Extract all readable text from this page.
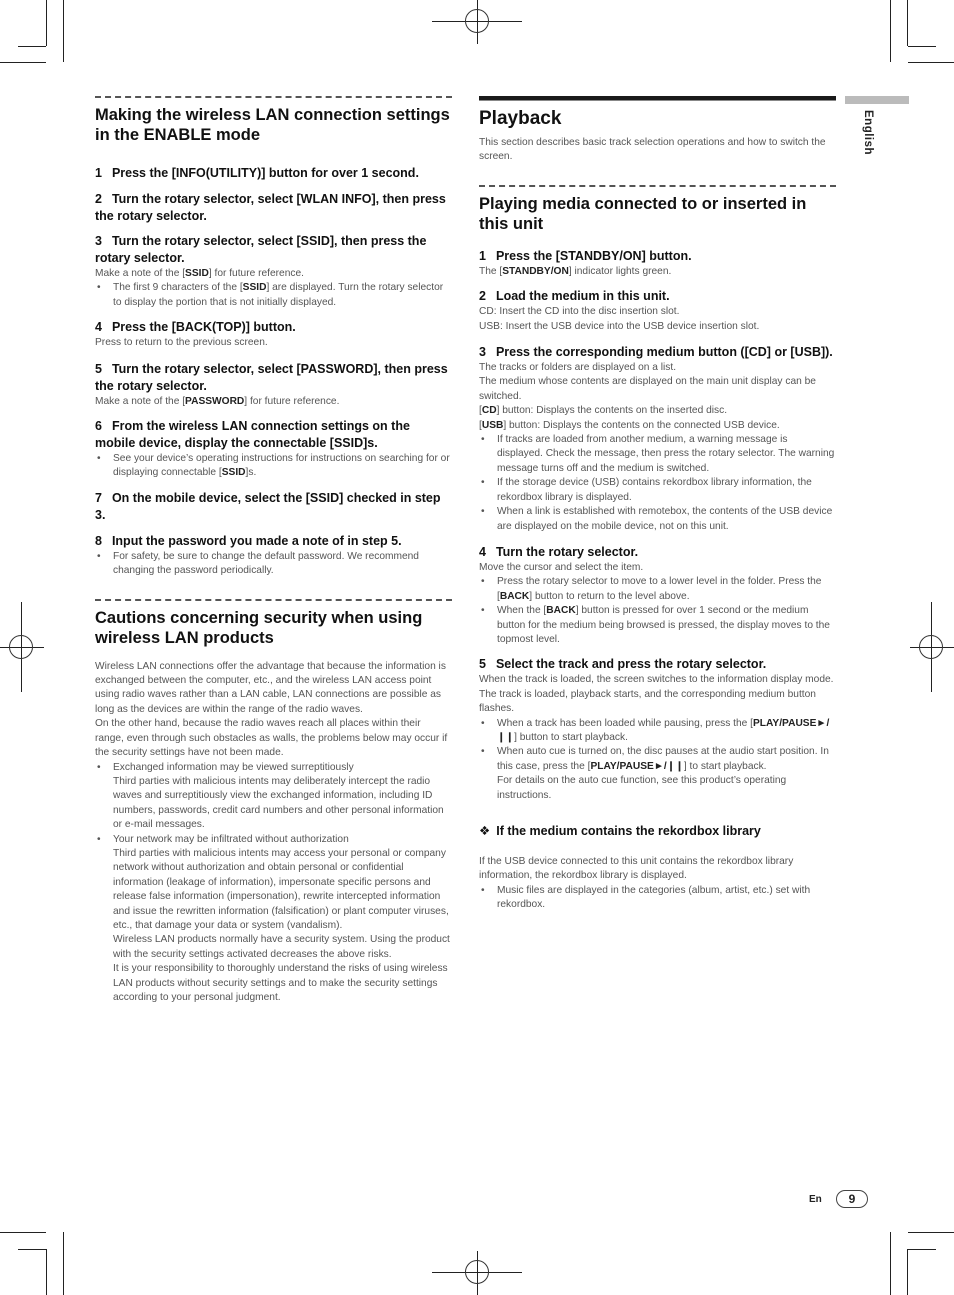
English
Making the wireless LAN connection settings in the ENABLE mode
1 Press the [INFO(UTILITY)] button for over 1 second.
2 Turn the rotary selector, select [WLAN INFO], then press the rotary selector.
3 Turn the rotary selector, select [SSID], then press the rotary selector.

Make a note of the [SSID] for future reference.

• The first 9 characters of the [SSID] are displayed. Turn the rotary selector to display the portion that is not initially displayed.
4 Press the [BACK(TOP)] button.

Press to return to the previous screen.

5 Turn the rotary selector, select [PASSWORD], then press the rotary selector.

Make a note of the [PASSWORD] for future reference.

6 From the wireless LAN connection settings on the mobile device, display the connectable [SSID]s.
• See your device’s operating instructions for instructions on searching for or displaying connectable [SSID]s.
7 On the mobile device, select the [SSID] checked in step 3.
8 Input the password you made a note of in step 5.
• For safety, be sure to change the default password. We recommend changing the password periodically.
Cautions concerning security when using wireless LAN products

Wireless LAN connections offer the advantage that because the information is exchanged between the computer, etc., and the wireless LAN access point using radio waves rather than a LAN cable, LAN connections are possible as long as the devices are within the range of the radio waves.

On the other hand, because the radio waves reach all places within their range, even through such obstacles as walls, the problems below may occur if the security settings have not been made.

• Exchanged information may be viewed surreptitiously

Third parties with malicious intents may deliberately intercept the radio waves and surreptitiously view the exchanged information, including ID numbers, passwords, credit card numbers and other personal information or e-mail messages.

• Your network may be infiltrated without authorization

Third parties with malicious intents may access your personal or company network without authorization and obtain personal or confidential information (leakage of information), impersonate specific persons and release false information (impersonation), rewrite intercepted information and issue the rewritten information (falsification) or plant computer viruses, etc., that damage your data or system (vandalism).

Wireless LAN products normally have a security system. Using the product with the security settings activated decreases the above risks.

It is your responsibility to thoroughly understand the risks of using wireless LAN products without security settings and to make the security settings according to your personal judgment.

Playback

This section describes basic track selection operations and how to switch the screen.

Playing media connected to or inserted in this unit
1 Press the [STANDBY/ON] button.

The [STANDBY/ON] indicator lights green.

2 Load the medium in this unit.

CD: Insert the CD into the disc insertion slot.

USB: Insert the USB device into the USB device insertion slot.

3 Press the corresponding medium button ([CD] or [USB]).

The tracks or folders are displayed on a list.

The medium whose contents are displayed on the main unit display can be switched.

[CD] button: Displays the contents on the inserted disc.

[USB] button: Displays the contents on the connected USB device.

• If tracks are loaded from another medium, a warning message is displayed. Check the message, then press the rotary selector. The warning message turns off and the medium is switched.
• If the storage device (USB) contains rekordbox library information, the rekordbox library is displayed.
• When a link is established with remotebox, the contents of the USB device are displayed on the mobile device, not on this unit.
4 Turn the rotary selector.

Move the cursor and select the item.

• Press the rotary selector to move to a lower level in the folder. Press the [BACK] button to return to the level above.
• When the [BACK] button is pressed for over 1 second or the medium button for the medium being browsed is pressed, the display moves to the topmost level.
5 Select the track and press the rotary selector.

When the track is loaded, the screen switches to the information display mode.

The track is loaded, playback starts, and the corresponding medium button flashes.

• When a track has been loaded while pausing, press the [PLAY/PAUSE►/❙❙] button to start playback.
• When auto cue is turned on, the disc pauses at the audio start position. In this case, press the [PLAY/PAUSE►/❙❙] to start playback.

For details on the auto cue function, see this product’s operating instructions.

❖ If the medium contains the rekordbox library

If the USB device connected to this unit contains the rekordbox library information, the rekordbox library is displayed.

• Music files are displayed in the categories (album, artist, etc.) set with rekordbox.
En	9
